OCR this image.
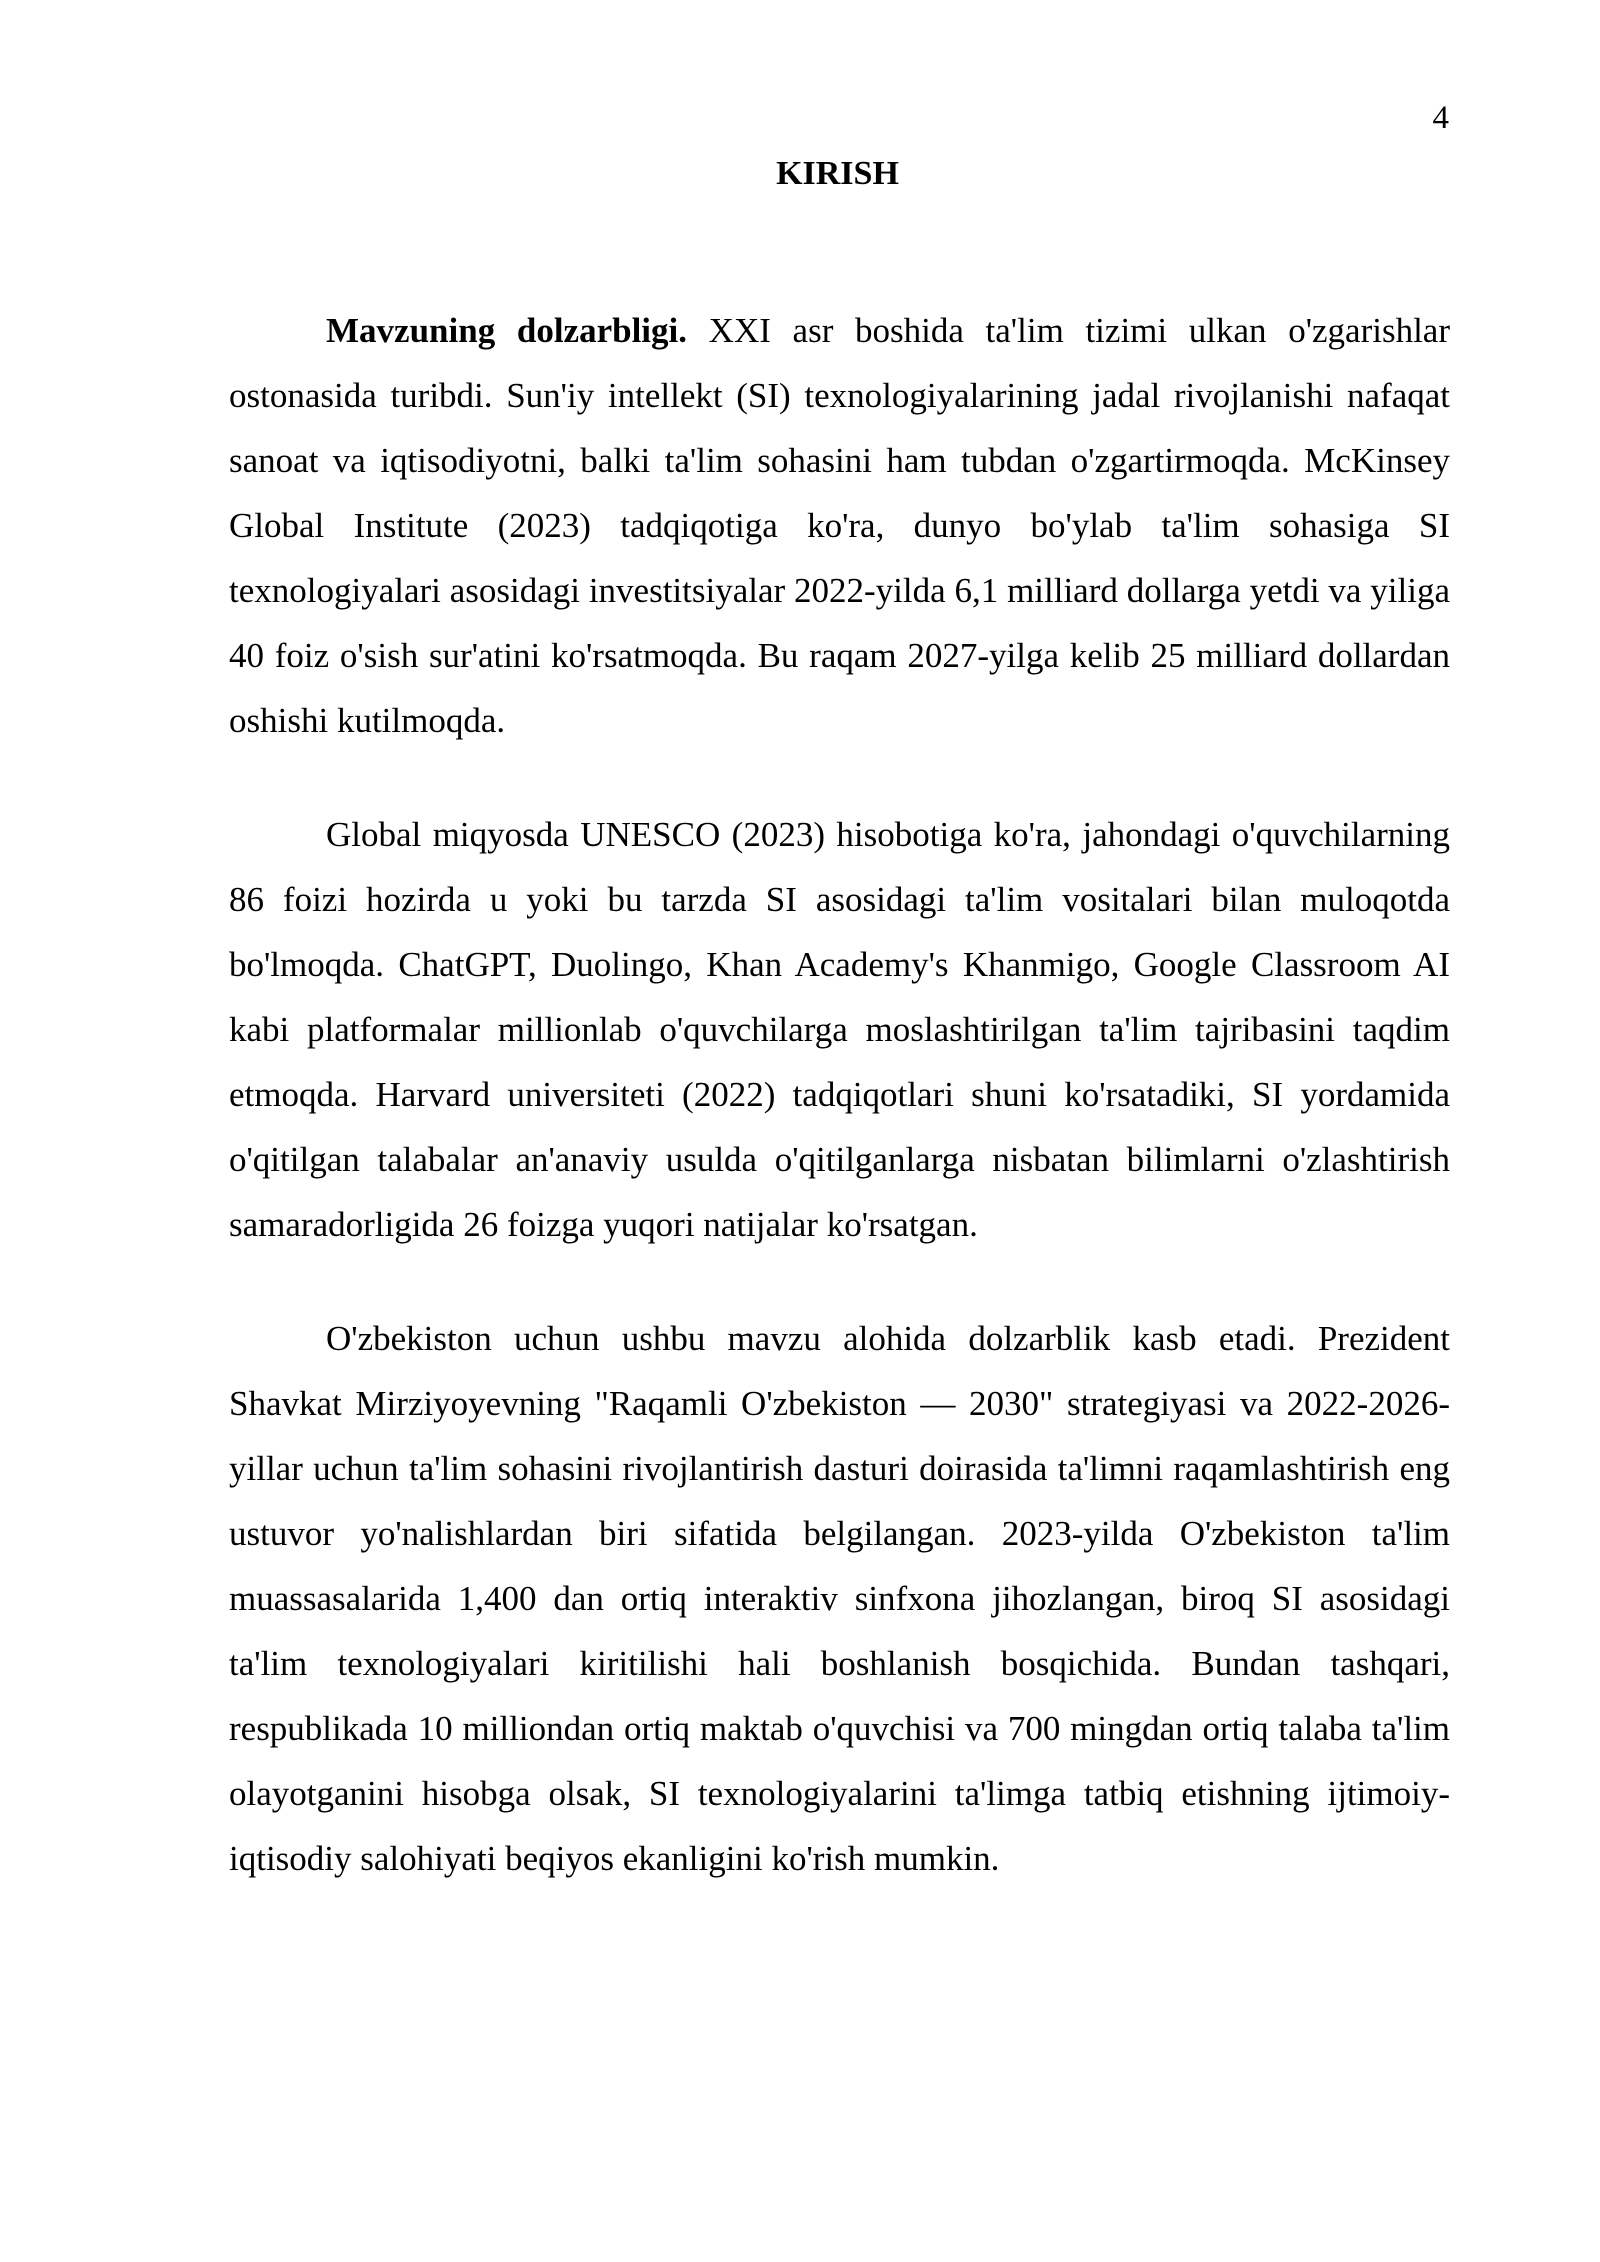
4
KIRISH

Mavzuning dolzarbligi. XXI asr boshida ta'lim tizimi ulkan o'zgarishlar ostonasida turibdi. Sun'iy intellekt (SI) texnologiyalarining jadal rivojlanishi nafaqat sanoat va iqtisodiyotni, balki ta'lim sohasini ham tubdan o'zgartirmoqda. McKinsey Global Institute (2023) tadqiqotiga ko'ra, dunyo bo'ylab ta'lim sohasiga SI texnologiyalari asosidagi investitsiyalar 2022-yilda 6,1 milliard dollarga yetdi va yiliga 40 foiz o'sish sur'atini ko'rsatmoqda. Bu raqam 2027-yilga kelib 25 milliard dollardan oshishi kutilmoqda.

Global miqyosda UNESCO (2023) hisobotiga ko'ra, jahondagi o'quvchilarning 86 foizi hozirda u yoki bu tarzda SI asosidagi ta'lim vositalari bilan muloqotda bo'lmoqda. ChatGPT, Duolingo, Khan Academy's Khanmigo, Google Classroom AI kabi platformalar millionlab o'quvchilarga moslashtirilgan ta'lim tajribasini taqdim etmoqda. Harvard universiteti (2022) tadqiqotlari shuni ko'rsatadiki, SI yordamida o'qitilgan talabalar an'anaviy usulda o'qitilganlarga nisbatan bilimlarni o'zlashtirish samaradorligida 26 foizga yuqori natijalar ko'rsatgan.

O'zbekiston uchun ushbu mavzu alohida dolzarblik kasb etadi. Prezident Shavkat Mirziyoyevning "Raqamli O'zbekiston — 2030" strategiyasi va 2022-2026-yillar uchun ta'lim sohasini rivojlantirish dasturi doirasida ta'limni raqamlashtirish eng ustuvor yo'nalishlardan biri sifatida belgilangan. 2023-yilda O'zbekiston ta'lim muassasalarida 1,400 dan ortiq interaktiv sinfxona jihozlangan, biroq SI asosidagi ta'lim texnologiyalari kiritilishi hali boshlanish bosqichida. Bundan tashqari, respublikada 10 milliondan ortiq maktab o'quvchisi va 700 mingdan ortiq talaba ta'lim olayotganini hisobga olsak, SI texnologiyalarini ta'limga tatbiq etishning ijtimoiy-iqtisodiy salohiyati beqiyos ekanligini ko'rish mumkin.
